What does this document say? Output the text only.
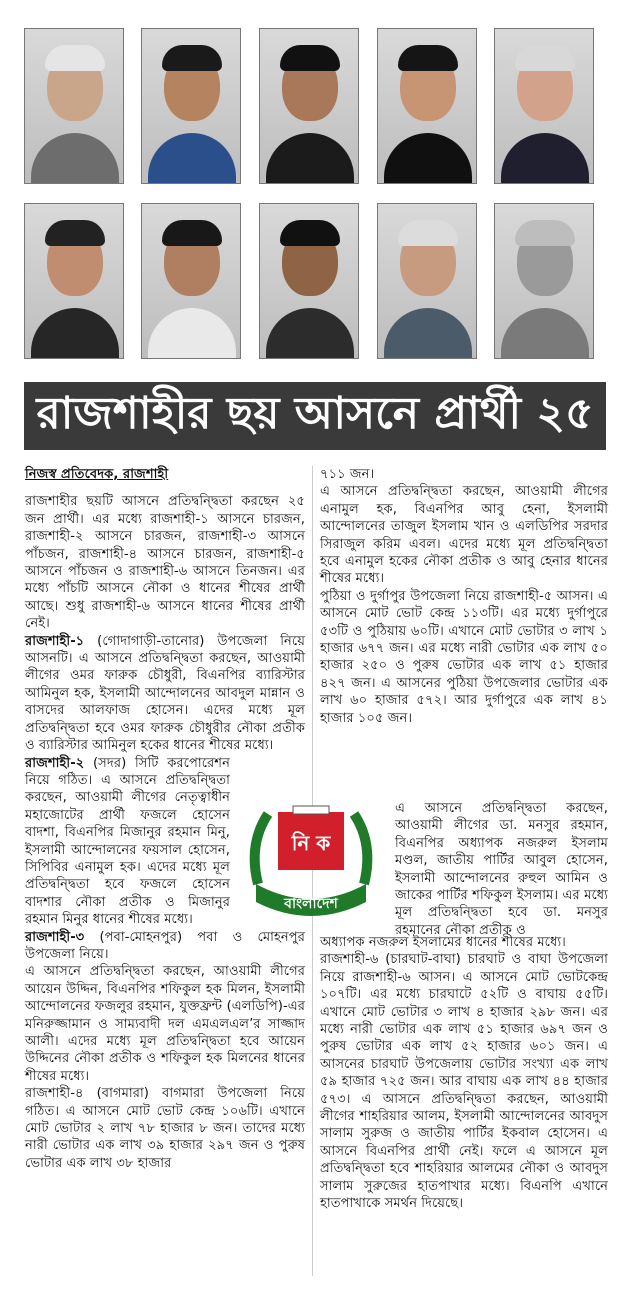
রাজশাহীর ছয় আসনে প্রার্থী ২৫

নিজস্ব প্রতিবেদক, রাজশাহী

রাজশাহীর ছয়টি আসনে প্রতিদ্বন্দ্বিতা করছেন ২৫ জন প্রার্থী। এর মধ্যে রাজশাহী-১ আসনে চারজন, রাজশাহী-২ আসনে চারজন, রাজশাহী-৩ আসনে পাঁচজন, রাজশাহী-৪ আসনে চারজন, রাজশাহী-৫ আসনে পাঁচজন ও রাজশাহী-৬ আসনে তিনজন। এর মধ্যে পাঁচটি আসনে নৌকা ও ধানের শীষের প্রার্থী আছে। শুধু রাজশাহী-৬ আসনে ধানের শীষের প্রার্থী নেই।

রাজশাহী-১ (গোদাগাড়ী-তানোর) উপজেলা নিয়ে আসনটি। এ আসনে প্রতিদ্বন্দ্বিতা করছেন, আওয়ামী লীগের ওমর ফারুক চৌধুরী, বিএনপির ব্যারিস্টার আমিনুল হক, ইসলামী আন্দোলনের আবদুল মান্নান ও বাসদের আলফাজ হোসেন। এদের মধ্যে মূল প্রতিদ্বন্দ্বিতা হবে ওমর ফারুক চৌধুরীর নৌকা প্রতীক ও ব্যারিস্টার আমিনুল হকের ধানের শীষের মধ্যে।

রাজশাহী-২ (সদর) সিটি করপোরেশন নিয়ে গঠিত। এ আসনে প্রতিদ্বন্দ্বিতা করছেন, আওয়ামী লীগের নেতৃত্বাধীন মহাজোটের প্রার্থী ফজলে হোসেন বাদশা, বিএনপির মিজানুর রহমান মিনু, ইসলামী আন্দোলনের ফয়সাল হোসেন, সিপিবির এনামুল হক। এদের মধ্যে মূল প্রতিদ্বন্দ্বিতা হবে ফজলে হোসেন বাদশার নৌকা প্রতীক ও মিজানুর রহমান মিনুর ধানের শীষের মধ্যে।

রাজশাহী-৩ (পবা-মোহনপুর) পবা ও মোহনপুর উপজেলা নিয়ে।

এ আসনে প্রতিদ্বন্দ্বিতা করছেন, আওয়ামী লীগের আয়েন উদ্দিন, বিএনপির শফিকুল হক মিলন, ইসলামী আন্দোলনের ফজলুর রহমান, যুক্তফ্রন্ট (এলডিপি)-এর মনিরুজ্জামান ও সাম্যবাদী দল এমএলএল’র সাজ্জাদ আলী। এদের মধ্যে মূল প্রতিদ্বন্দ্বিতা হবে আয়েন উদ্দিনের নৌকা প্রতীক ও শফিকুল হক মিলনের ধানের শীষের মধ্যে।

রাজশাহী-৪ (বাগমারা) বাগমারা উপজেলা নিয়ে গঠিত। এ আসনে মোট ভোট কেন্দ্র ১০৬টি। এখানে মোট ভোটার ২ লাখ ৭৮ হাজার ৮ জন। তাদের মধ্যে নারী ভোটার এক লাখ ৩৯ হাজার ২৯৭ জন ও পুরুষ ভোটার এক লাখ ৩৮ হাজার

৭১১ জন।

এ আসনে প্রতিদ্বন্দ্বিতা করছেন, আওয়ামী লীগের এনামুল হক, বিএনপির আবু হেনা, ইসলামী আন্দোলনের তাজুল ইসলাম খান ও এলডিপির সরদার সিরাজুল করিম এবল। এদের মধ্যে মূল প্রতিদ্বন্দ্বিতা হবে এনামুল হকের নৌকা প্রতীক ও আবু হেনার ধানের শীষের মধ্যে।

পুঠিয়া ও দুর্গাপুর উপজেলা নিয়ে রাজশাহী-৫ আসন। এ আসনে মোট ভোট কেন্দ্র ১১৩টি। এর মধ্যে দুর্গাপুরে ৫৩টি ও পুঠিয়ায় ৬০টি। এখানে মোট ভোটার ৩ লাখ ১ হাজার ৬৭৭ জন। এর মধ্যে নারী ভোটার এক লাখ ৫০ হাজার ২৫০ ও পুরুষ ভোটার এক লাখ ৫১ হাজার ৪২৭ জন। এ আসনের পুঠিয়া উপজেলার ভোটার এক লাখ ৬০ হাজার ৫৭২। আর দুর্গাপুরে এক লাখ ৪১ হাজার ১০৫ জন।

এ আসনে প্রতিদ্বন্দ্বিতা করছেন, আওয়ামী লীগের ডা. মনসুর রহমান, বিএনপির অধ্যাপক নজরুল ইসলাম মণ্ডল, জাতীয় পার্টির আবুল হোসেন, ইসলামী আন্দোলনের রুহুল আমিন ও জাকের পার্টির শফিকুল ইসলাম। এর মধ্যে মূল প্রতিদ্বন্দ্বিতা হবে ডা. মনসুর রহমানের নৌকা প্রতীক ও

অধ্যাপক নজরুল ইসলামের ধানের শীষের মধ্যে।

রাজশাহী-৬ (চারঘাট-বাঘা) চারঘাট ও বাঘা উপজেলা নিয়ে রাজশাহী-৬ আসন। এ আসনে মোট ভোটকেন্দ্র ১০৭টি। এর মধ্যে চারঘাটে ৫২টি ও বাঘায় ৫৫টি। এখানে মোট ভোটার ৩ লাখ ৪ হাজার ২৯৮ জন। এর মধ্যে নারী ভোটার এক লাখ ৫১ হাজার ৬৯৭ জন ও পুরুষ ভোটার এক লাখ ৫২ হাজার ৬০১ জন। এ আসনের চারঘাট উপজেলায় ভোটার সংখ্যা এক লাখ ৫৯ হাজার ৭২৫ জন। আর বাঘায় এক লাখ ৪৪ হাজার ৫৭৩। এ আসনে প্রতিদ্বন্দ্বিতা করছেন, আওয়ামী লীগের শাহরিয়ার আলম, ইসলামী আন্দোলনের আবদুস সালাম সুরুজ ও জাতীয় পার্টির ইকবাল হোসেন। এ আসনে বিএনপির প্রার্থী নেই। ফলে এ আসনে মূল প্রতিদ্বন্দ্বিতা হবে শাহরিয়ার আলমের নৌকা ও আবদুস সালাম সুরুজের হাতপাখার মধ্যে। বিএনপি এখানে হাতপাখাকে সমর্থন দিয়েছে।

নি ক
বাংলাদেশ
